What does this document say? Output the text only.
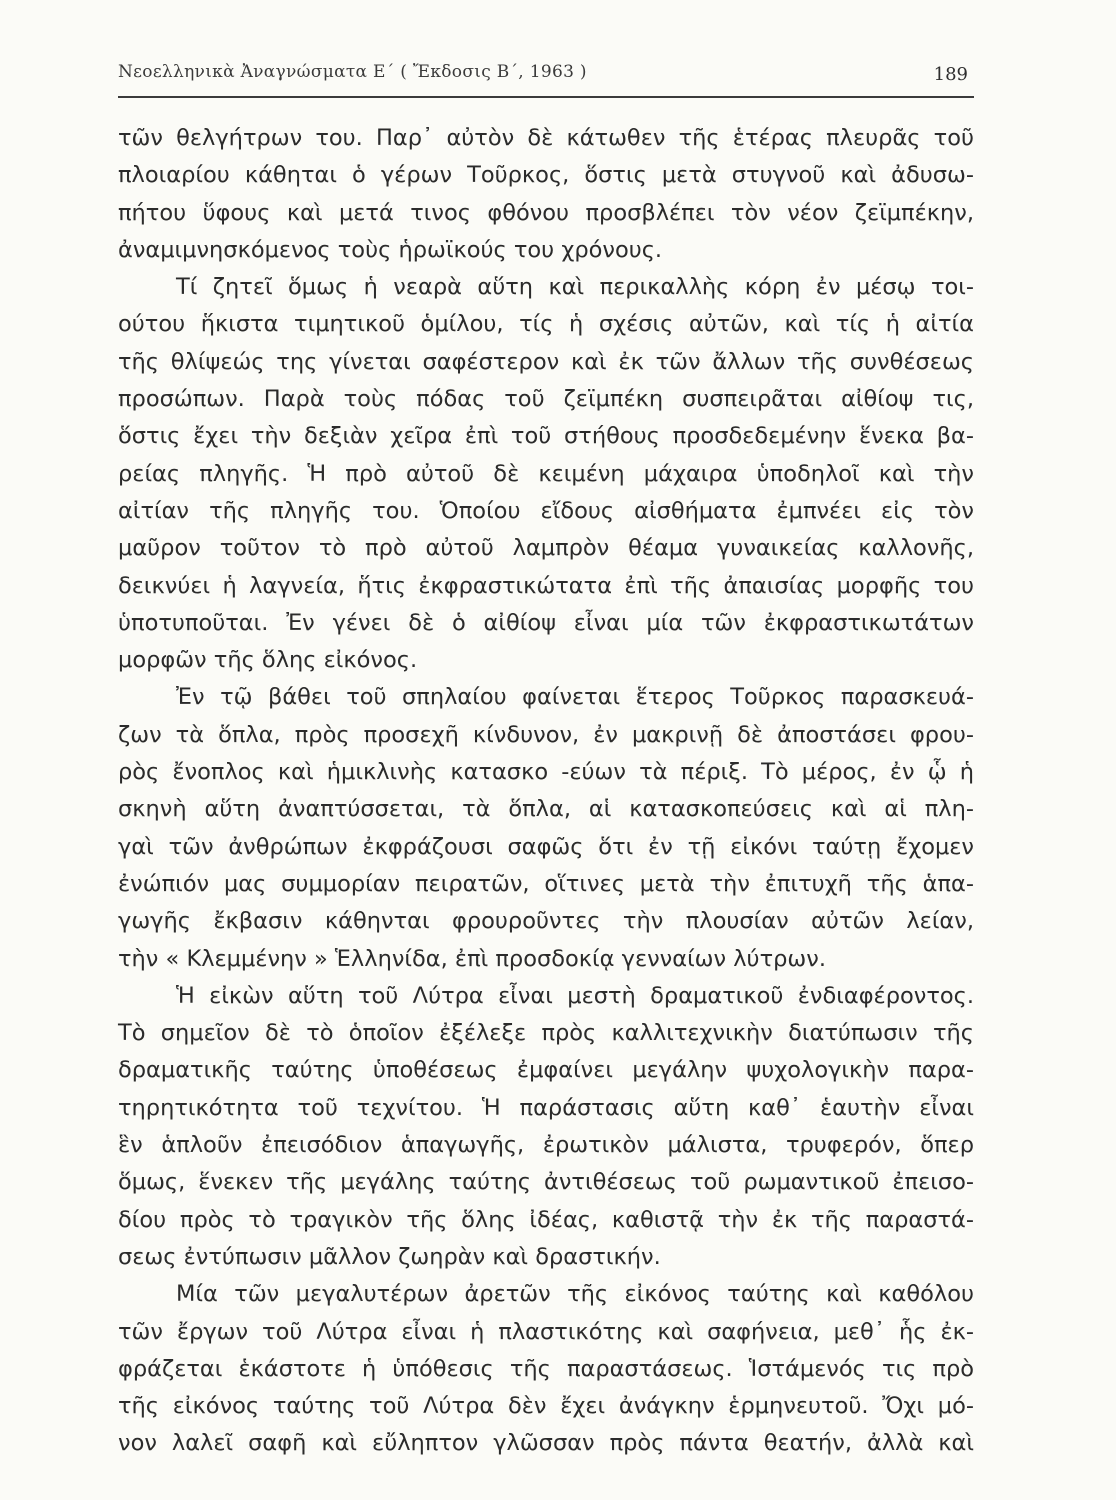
Νεοελληνικὰ Ἀναγνώσματα Ε΄ ( Ἔκδοσις Β΄, 1963 )	189
τῶν θελγήτρων του. Παρ᾽ αὐτὸν δὲ κάτωθεν τῆς ἑτέρας πλευρᾶς τοῦ
πλοιαρίου κάθηται ὁ γέρων Τοῦρκος, ὅστις μετὰ στυγνοῦ καὶ ἀδυσω-
πήτου ὕφους καὶ μετά τινος φθόνου προσβλέπει τὸν νέον ζεϊμπέκην,
ἀναμιμνησκόμενος τοὺς ἡρωϊκούς του χρόνους.
Τί ζητεῖ ὅμως ἡ νεαρὰ αὕτη καὶ περικαλλὴς κόρη ἐν μέσῳ τοι-
ούτου ἥκιστα τιμητικοῦ ὁμίλου, τίς ἡ σχέσις αὐτῶν, καὶ τίς ἡ αἰτία
τῆς θλίψεώς της γίνεται σαφέστερον καὶ ἐκ τῶν ἄλλων τῆς συνθέσεως
προσώπων. Παρὰ τοὺς πόδας τοῦ ζεϊμπέκη συσπειρᾶται αἰθίοψ τις,
ὅστις ἔχει τὴν δεξιὰν χεῖρα ἐπὶ τοῦ στήθους προσδεδεμένην ἕνεκα βα-
ρείας πληγῆς. Ἡ πρὸ αὐτοῦ δὲ κειμένη μάχαιρα ὑποδηλοῖ καὶ τὴν
αἰτίαν τῆς πληγῆς του. Ὁποίου εἴδους αἰσθήματα ἐμπνέει εἰς τὸν
μαῦρον τοῦτον τὸ πρὸ αὐτοῦ λαμπρὸν θέαμα γυναικείας καλλονῆς,
δεικνύει ἡ λαγνεία, ἥτις ἐκφραστικώτατα ἐπὶ τῆς ἀπαισίας μορφῆς του
ὑποτυποῦται. Ἐν γένει δὲ ὁ αἰθίοψ εἶναι μία τῶν ἐκφραστικωτάτων
μορφῶν τῆς ὅλης εἰκόνος.
Ἐν τῷ βάθει τοῦ σπηλαίου φαίνεται ἕτερος Τοῦρκος παρασκευά-
ζων τὰ ὅπλα, πρὸς προσεχῆ κίνδυνον, ἐν μακρινῇ δὲ ἀποστάσει φρου-
ρὸς ἔνοπλος καὶ ἡμικλινὴς κατασκο ‑εύων τὰ πέριξ. Τὸ μέρος, ἐν ᾧ ἡ
σκηνὴ αὕτη ἀναπτύσσεται, τὰ ὅπλα, αἱ κατασκοπεύσεις καὶ αἱ πλη-
γαὶ τῶν ἀνθρώπων ἐκφράζουσι σαφῶς ὅτι ἐν τῇ εἰκόνι ταύτῃ ἔχομεν
ἐνώπιόν μας συμμορίαν πειρατῶν, οἵτινες μετὰ τὴν ἐπιτυχῆ τῆς ἁπα-
γωγῆς ἔκβασιν κάθηνται φρουροῦντες τὴν πλουσίαν αὐτῶν λείαν,
τὴν « Κλεμμένην » Ἑλληνίδα, ἐπὶ προσδοκίᾳ γενναίων λύτρων.
Ἡ εἰκὼν αὕτη τοῦ Λύτρα εἶναι μεστὴ δραματικοῦ ἐνδιαφέροντος.
Τὸ σημεῖον δὲ τὸ ὁποῖον ἐξέλεξε πρὸς καλλιτεχνικὴν διατύπωσιν τῆς
δραματικῆς ταύτης ὑποθέσεως ἐμφαίνει μεγάλην ψυχολογικὴν παρα-
τηρητικότητα τοῦ τεχνίτου. Ἡ παράστασις αὕτη καθ᾽ ἑαυτὴν εἶναι
ἓν ἁπλοῦν ἐπεισόδιον ἁπαγωγῆς, ἐρωτικὸν μάλιστα, τρυφερόν, ὅπερ
ὅμως, ἕνεκεν τῆς μεγάλης ταύτης ἀντιθέσεως τοῦ ρωμαντικοῦ ἐπεισο-
δίου πρὸς τὸ τραγικὸν τῆς ὅλης ἰδέας, καθιστᾷ τὴν ἐκ τῆς παραστά-
σεως ἐντύπωσιν μᾶλλον ζωηρὰν καὶ δραστικήν.
Μία τῶν μεγαλυτέρων ἀρετῶν τῆς εἰκόνος ταύτης καὶ καθόλου
τῶν ἔργων τοῦ Λύτρα εἶναι ἡ πλαστικότης καὶ σαφήνεια, μεθ᾽ ἧς ἐκ-
φράζεται ἑκάστοτε ἡ ὑπόθεσις τῆς παραστάσεως. Ἱστάμενός τις πρὸ
τῆς εἰκόνος ταύτης τοῦ Λύτρα δὲν ἔχει ἀνάγκην ἑρμηνευτοῦ. Ὄχι μό-
νον λαλεῖ σαφῆ καὶ εὔληπτον γλῶσσαν πρὸς πάντα θεατήν, ἀλλὰ καὶ
